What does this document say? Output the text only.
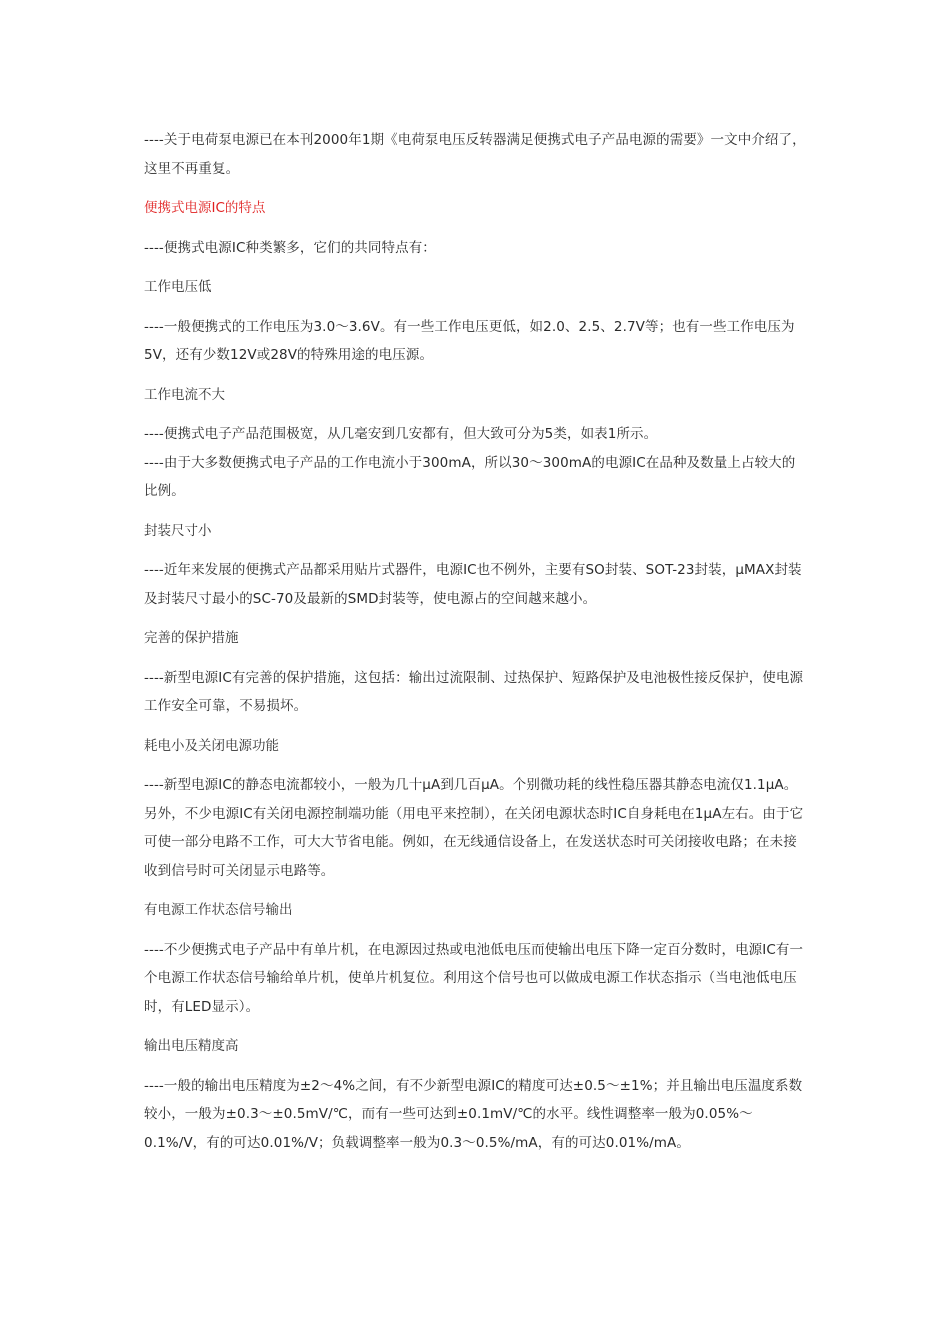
----关于电荷泵电源已在本刊2000年1期《电荷泵电压反转器满足便携式电子产品电源的需要》一文中介绍了，这里不再重复。

便携式电源IC的特点

----便携式电源IC种类繁多，它们的共同特点有：

工作电压低

----一般便携式的工作电压为3.0～3.6V。有一些工作电压更低，如2.0、2.5、2.7V等；也有一些工作电压为5V，还有少数12V或28V的特殊用途的电压源。

工作电流不大

----便携式电子产品范围极宽，从几毫安到几安都有，但大致可分为5类，如表1所示。

----由于大多数便携式电子产品的工作电流小于300mA，所以30～300mA的电源IC在品种及数量上占较大的比例。

封装尺寸小

----近年来发展的便携式产品都采用贴片式器件，电源IC也不例外，主要有SO封装、SOT-23封装，μMAX封装及封装尺寸最小的SC-70及最新的SMD封装等，使电源占的空间越来越小。

完善的保护措施

----新型电源IC有完善的保护措施，这包括：输出过流限制、过热保护、短路保护及电池极性接反保护，使电源工作安全可靠，不易损坏。

耗电小及关闭电源功能

----新型电源IC的静态电流都较小，一般为几十μA到几百μA。个别微功耗的线性稳压器其静态电流仅1.1μA。另外，不少电源IC有关闭电源控制端功能（用电平来控制），在关闭电源状态时IC自身耗电在1μA左右。由于它可使一部分电路不工作，可大大节省电能。例如，在无线通信设备上，在发送状态时可关闭接收电路；在未接收到信号时可关闭显示电路等。

有电源工作状态信号输出

----不少便携式电子产品中有单片机，在电源因过热或电池低电压而使输出电压下降一定百分数时，电源IC有一个电源工作状态信号输给单片机，使单片机复位。利用这个信号也可以做成电源工作状态指示（当电池低电压时，有LED显示）。

输出电压精度高

----一般的输出电压精度为±2～4%之间，有不少新型电源IC的精度可达±0.5～±1%；并且输出电压温度系数较小，一般为±0.3～±0.5mV/℃，而有一些可达到±0.1mV/℃的水平。线性调整率一般为0.05%～0.1%/V，有的可达0.01%/V；负载调整率一般为0.3～0.5%/mA，有的可达0.01%/mA。
